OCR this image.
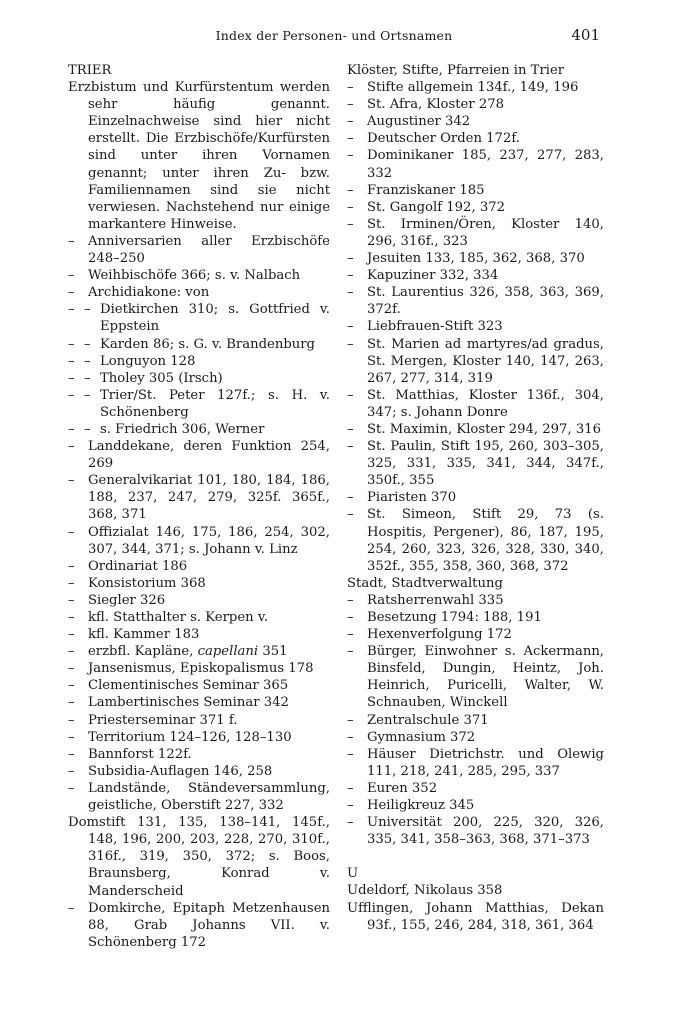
Index der Personen- und Ortsnamen	401
TRIER
Erzbistum und Kurfürstentum werden sehr häufig genannt. Einzelnachweise sind hier nicht erstellt. Die Erzbischöfe/Kurfürsten sind unter ihren Vornamen genannt; unter ihren Zu- bzw. Familiennamen sind sie nicht verwiesen. Nachstehend nur einige markantere Hinweise.
–	Anniversarien aller Erzbischöfe 248–250
–	Weihbischöfe 366; s. v. Nalbach
–	Archidiakone: von
– – Dietkirchen 310; s. Gottfried v. Eppstein
– – Karden 86; s. G. v. Brandenburg
– – Longuyon 128
– – Tholey 305 (Irsch)
– – Trier/St. Peter 127f.; s. H. v. Schönenberg
– – s. Friedrich 306, Werner
–	Landdekane, deren Funktion 254, 269
–	Generalvikariat 101, 180, 184, 186, 188, 237, 247, 279, 325f. 365f., 368, 371
–	Offizialat 146, 175, 186, 254, 302, 307, 344, 371; s. Johann v. Linz
–	Ordinariat 186
–	Konsistorium 368
–	Siegler 326
–	kfl. Statthalter s. Kerpen v.
–	kfl. Kammer 183
–	erzbfl. Kapläne, capellani 351
–	Jansenismus, Episkopalismus 178
–	Clementinisches Seminar 365
–	Lambertinisches Seminar 342
–	Priesterseminar 371 f.
–	Territorium 124–126, 128–130
–	Bannforst 122f.
–	Subsidia-Auflagen 146, 258
–	Landstände, Ständeversammlung, geistliche, Oberstift 227, 332
Domstift 131, 135, 138–141, 145f., 148, 196, 200, 203, 228, 270, 310f., 316f., 319, 350, 372; s. Boos, Braunsberg, Konrad v. Manderscheid
–	Domkirche, Epitaph Metzenhausen 88, Grab Johanns VII. v. Schönenberg 172
Klöster, Stifte, Pfarreien in Trier
–	Stifte allgemein 134f., 149, 196
–	St. Afra, Kloster 278
–	Augustiner 342
–	Deutscher Orden 172f.
–	Dominikaner 185, 237, 277, 283, 332
–	Franziskaner 185
–	St. Gangolf 192, 372
–	St. Irminen/Ören, Kloster 140, 296, 316f., 323
–	Jesuiten 133, 185, 362, 368, 370
–	Kapuziner 332, 334
–	St. Laurentius 326, 358, 363, 369, 372f.
–	Liebfrauen-Stift 323
–	St. Marien ad martyres/ad gradus, St. Mergen, Kloster 140, 147, 263, 267, 277, 314, 319
–	St. Matthias, Kloster 136f., 304, 347; s. Johann Donre
–	St. Maximin, Kloster 294, 297, 316
–	St. Paulin, Stift 195, 260, 303–305, 325, 331, 335, 341, 344, 347f., 350f., 355
–	Piaristen 370
–	St. Simeon, Stift 29, 73 (s. Hospitis, Pergener), 86, 187, 195, 254, 260, 323, 326, 328, 330, 340, 352f., 355, 358, 360, 368, 372
Stadt, Stadtverwaltung
–	Ratsherrenwahl 335
–	Besetzung 1794: 188, 191
–	Hexenverfolgung 172
–	Bürger, Einwohner s. Ackermann, Binsfeld, Dungin, Heintz, Joh. Heinrich, Puricelli, Walter, W. Schnauben, Winckell
–	Zentralschule 371
–	Gymnasium 372
–	Häuser Dietrichstr. und Olewig 111, 218, 241, 285, 295, 337
–	Euren 352
–	Heiligkreuz 345
–	Universität 200, 225, 320, 326, 335, 341, 358–363, 368, 371–373
U
Udeldorf, Nikolaus 358
Ufflingen, Johann Matthias, Dekan 93f., 155, 246, 284, 318, 361, 364
